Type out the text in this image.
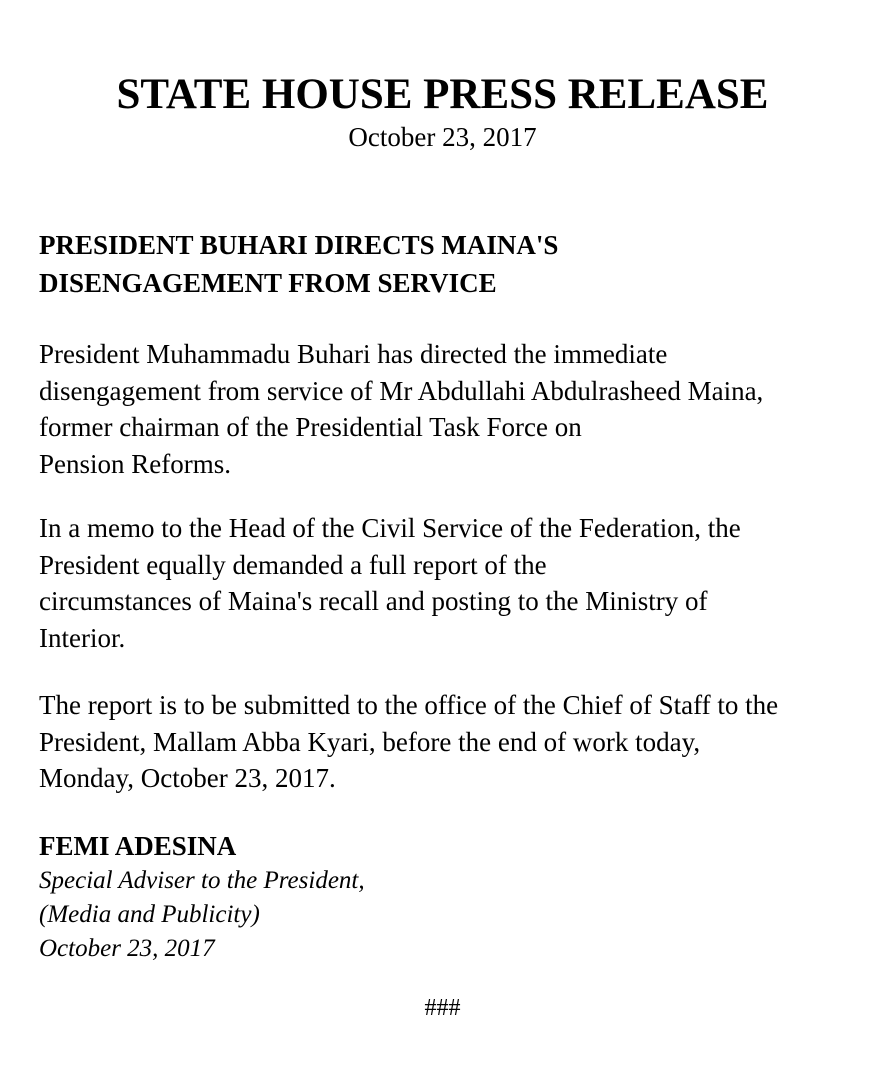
STATE HOUSE PRESS RELEASE
October 23, 2017
PRESIDENT BUHARI DIRECTS MAINA'S
DISENGAGEMENT FROM SERVICE
President Muhammadu Buhari has directed the immediate
disengagement from service of Mr Abdullahi Abdulrasheed Maina,
former chairman of the Presidential Task Force on
Pension Reforms.
In a memo to the Head of the Civil Service of the Federation, the
President equally demanded a full report of the
circumstances of Maina's recall and posting to the Ministry of
Interior.
The report is to be submitted to the office of the Chief of Staff to the
President, Mallam Abba Kyari, before the end of work today,
Monday, October 23, 2017.
FEMI ADESINA
Special Adviser to the President,
(Media and Publicity)
October 23, 2017
###
